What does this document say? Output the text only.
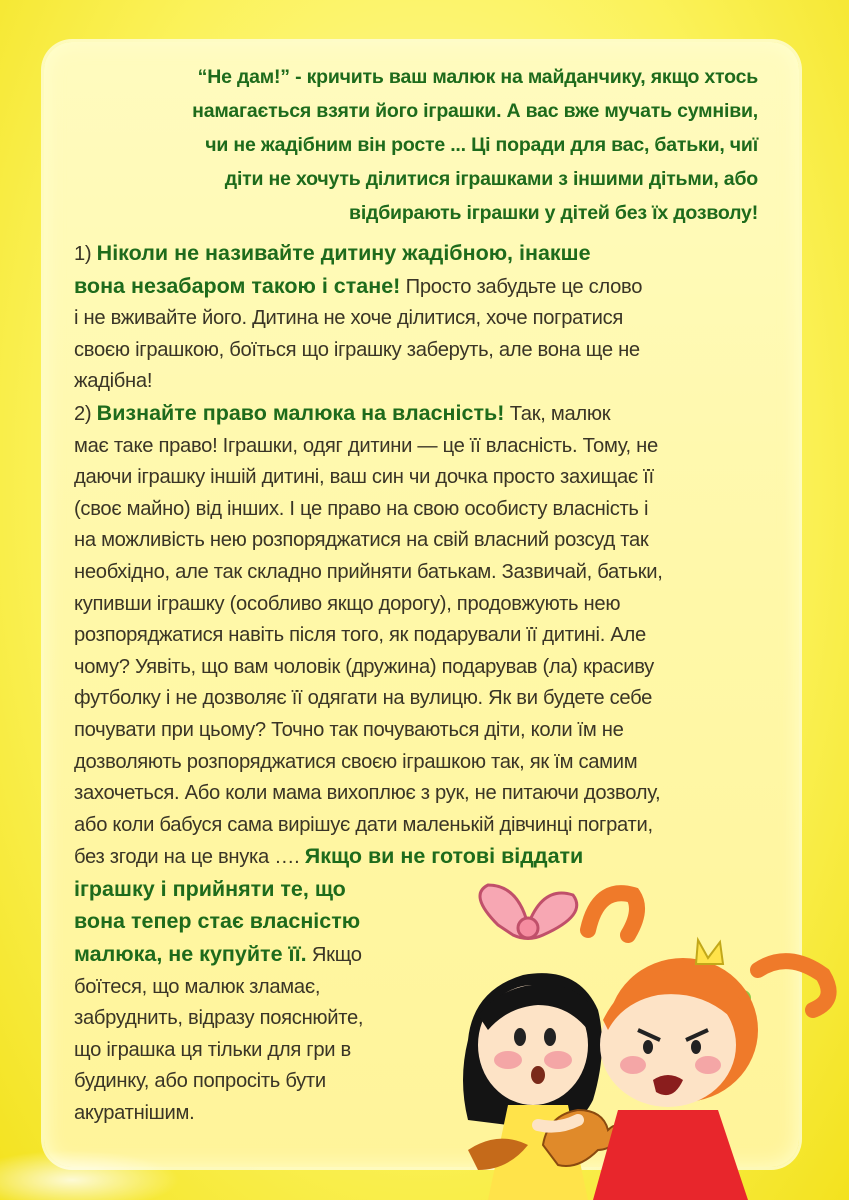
“Не дам!” - кричить ваш малюк на майданчику, якщо хтось
намагається взяти його іграшки. А вас вже мучать сумніви,
чи не жадібним він росте ... Ці поради для вас, батьки, чиї
діти не хочуть ділитися іграшками з іншими дітьми, або
відбирають іграшки у дітей без їх дозволу!
1) Ніколи не називайте дитину жадібною, інакше
вона незабаром такою і стане! Просто забудьте це слово
і не вживайте його. Дитина не хоче ділитися, хоче погратися
своєю іграшкою, боїться що іграшку заберуть, але вона ще не
жадібна!
2) Визнайте право малюка на власність! Так, малюк
має таке право! Іграшки, одяг дитини — це її власність. Тому, не
даючи іграшку іншій дитині, ваш син чи дочка просто захищає її
(своє майно) від інших. І це право на свою особисту власність і
на можливість нею розпоряджатися на свій власний розсуд так
необхідно, але так складно прийняти батькам. Зазвичай, батьки,
купивши іграшку (особливо якщо дорогу), продовжують нею
розпоряджатися навіть після того, як подарували її дитині. Але
чому? Уявіть, що вам чоловік (дружина) подарував (ла) красиву
футболку і не дозволяє її одягати на вулицю. Як ви будете себе
почувати при цьому? Точно так почуваються діти, коли їм не
дозволяють розпоряджатися своєю іграшкою так, як їм самим
захочеться. Або коли мама вихоплює з рук, не питаючи дозволу,
або коли бабуся сама вирішує дати маленькій дівчинці пограти,
без згоди на це внука …. Якщо ви не готові віддати
іграшку і прийняти те, що
вона тепер стає власністю
малюка, не купуйте її. Якщо
боїтеся, що малюк зламає,
забруднить, відразу пояснюйте,
що іграшка ця тільки для гри в
будинку, або попросіть бути
акуратнішим.
